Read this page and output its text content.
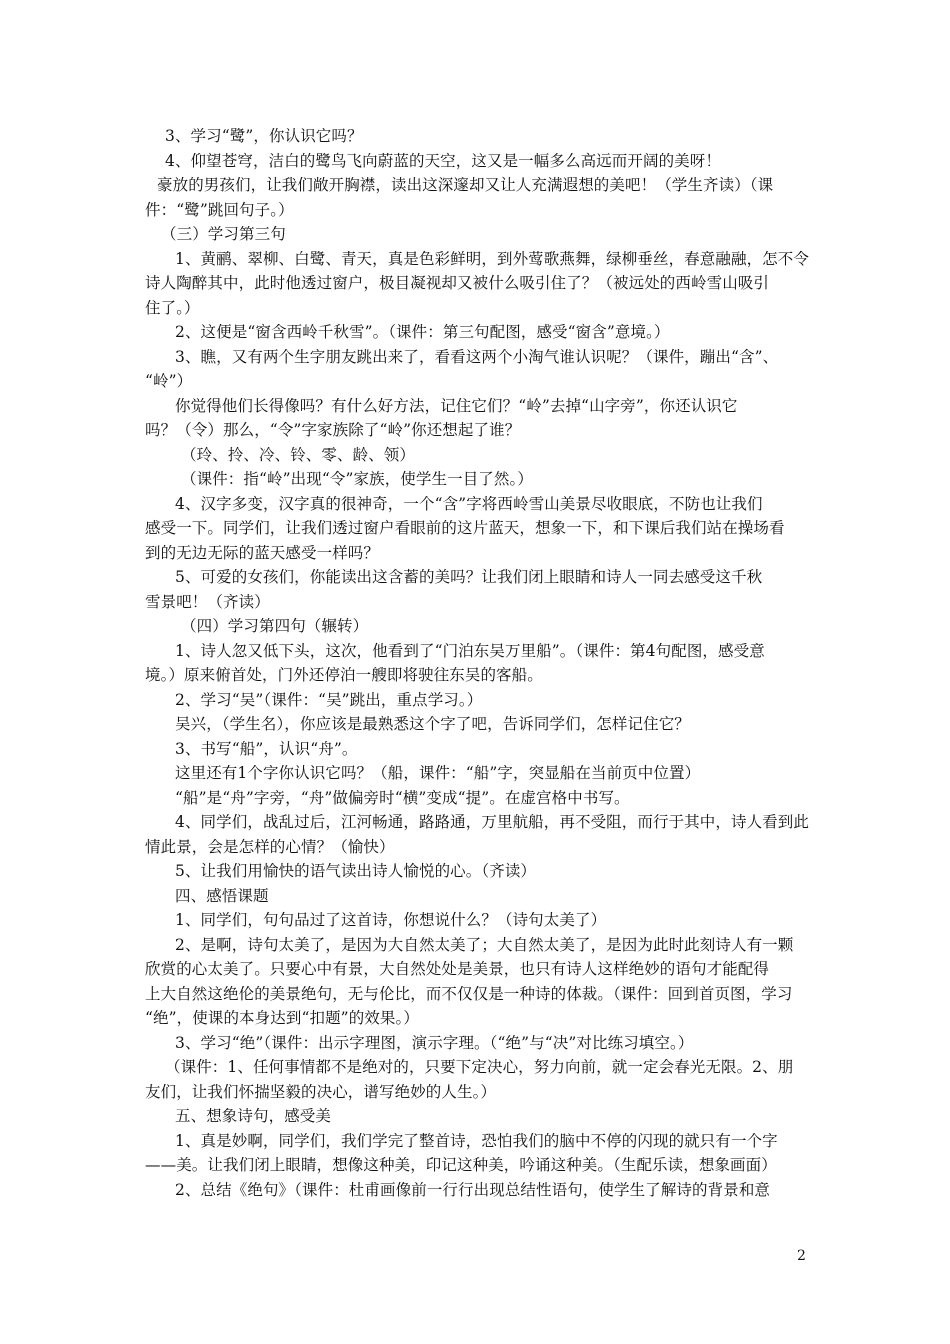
3、学习“鹭”，你认识它吗？
4、仰望苍穹，洁白的鹭鸟飞向蔚蓝的天空，这又是一幅多么高远而开阔的美呀！
豪放的男孩们，让我们敞开胸襟，读出这深邃却又让人充满遐想的美吧！（学生齐读）（课
件：“鹭”跳回句子。）
（三）学习第三句
1、黄鹂、翠柳、白鹭、青天，真是色彩鲜明，到外莺歌燕舞，绿柳垂丝，春意融融，怎不令
诗人陶醉其中，此时他透过窗户，极目凝视却又被什么吸引住了？（被远处的西岭雪山吸引
住了。）
2、这便是“窗含西岭千秋雪”。（课件：第三句配图，感受“窗含”意境。）
3、瞧，又有两个生字朋友跳出来了，看看这两个小淘气谁认识呢？（课件，蹦出“含”、
“岭”）
你觉得他们长得像吗？有什么好方法，记住它们？“岭”去掉“山字旁”，你还认识它
吗？（令）那么，“令”字家族除了“岭”你还想起了谁？
（玲、拎、冷、铃、零、龄、领）
（课件：指“岭”出现“令”家族，使学生一目了然。）
4、汉字多变，汉字真的很神奇，一个“含”字将西岭雪山美景尽收眼底，不防也让我们
感受一下。同学们，让我们透过窗户看眼前的这片蓝天，想象一下，和下课后我们站在操场看
到的无边无际的蓝天感受一样吗？
5、可爱的女孩们，你能读出这含蓄的美吗？让我们闭上眼睛和诗人一同去感受这千秋
雪景吧！（齐读）
（四）学习第四句（辗转）
1、诗人忽又低下头，这次，他看到了“门泊东吴万里船”。（课件：第4句配图，感受意
境。）原来俯首处，门外还停泊一艘即将驶往东吴的客船。
2、学习“吴”（课件：“吴”跳出，重点学习。）
吴兴，（学生名），你应该是最熟悉这个字了吧，告诉同学们，怎样记住它？
3、书写“船”，认识“舟”。
这里还有1个字你认识它吗？（船，课件：“船”字，突显船在当前页中位置）
“船”是“舟”字旁，“舟”做偏旁时“横”变成“提”。在虚宫格中书写。
4、同学们，战乱过后，江河畅通，路路通，万里航船，再不受阻，而行于其中，诗人看到此
情此景，会是怎样的心情？（愉快）
5、让我们用愉快的语气读出诗人愉悦的心。（齐读）
四、感悟课题
1、同学们，句句品过了这首诗，你想说什么？（诗句太美了）
2、是啊，诗句太美了，是因为大自然太美了；大自然太美了，是因为此时此刻诗人有一颗
欣赏的心太美了。只要心中有景，大自然处处是美景，也只有诗人这样绝妙的语句才能配得
上大自然这绝伦的美景绝句，无与伦比，而不仅仅是一种诗的体裁。（课件：回到首页图，学习
“绝”，使课的本身达到“扣题”的效果。）
3、学习“绝”（课件：出示字理图，演示字理。（“绝”与“决”对比练习填空。）
（课件：1、任何事情都不是绝对的，只要下定决心，努力向前，就一定会春光无限。2、朋
友们，让我们怀揣坚毅的决心，谱写绝妙的人生。）
五、想象诗句，感受美
1、真是妙啊，同学们，我们学完了整首诗，恐怕我们的脑中不停的闪现的就只有一个字
——美。让我们闭上眼睛，想像这种美，印记这种美，吟诵这种美。（生配乐读，想象画面）
2、总结《绝句》（课件：杜甫画像前一行行出现总结性语句，使学生了解诗的背景和意
2
